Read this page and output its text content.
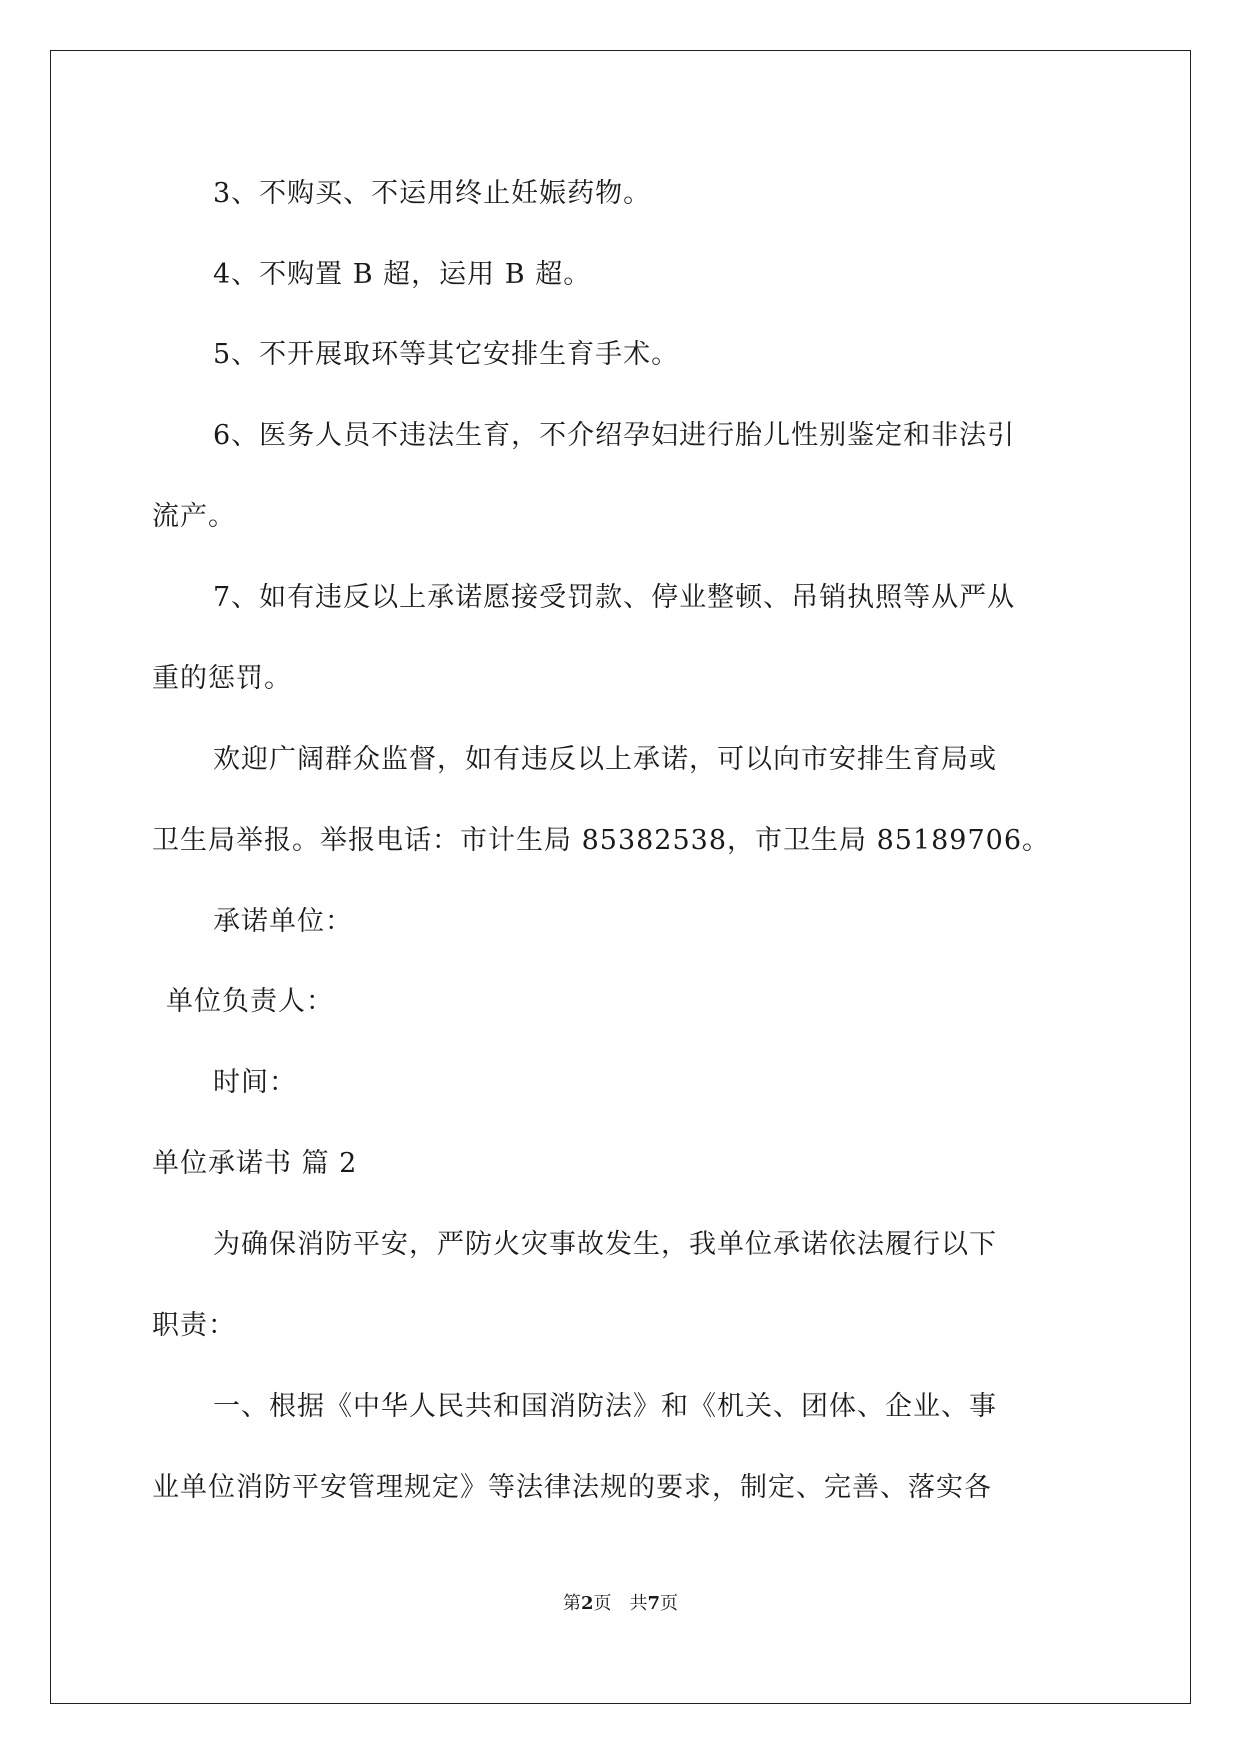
3、不购买、不运用终止妊娠药物。
4、不购置 B 超，运用 B 超。
5、不开展取环等其它安排生育手术。
6、医务人员不违法生育，不介绍孕妇进行胎儿性别鉴定和非法引
流产。
7、如有违反以上承诺愿接受罚款、停业整顿、吊销执照等从严从
重的惩罚。
欢迎广阔群众监督，如有违反以上承诺，可以向市安排生育局或
卫生局举报。举报电话：市计生局 85382538，市卫生局 85189706。
承诺单位：
单位负责人：
时间：
单位承诺书 篇 2
为确保消防平安，严防火灾事故发生，我单位承诺依法履行以下
职责：
一、根据《中华人民共和国消防法》和《机关、团体、企业、事
业单位消防平安管理规定》等法律法规的要求，制定、完善、落实各
第2页 共7页
